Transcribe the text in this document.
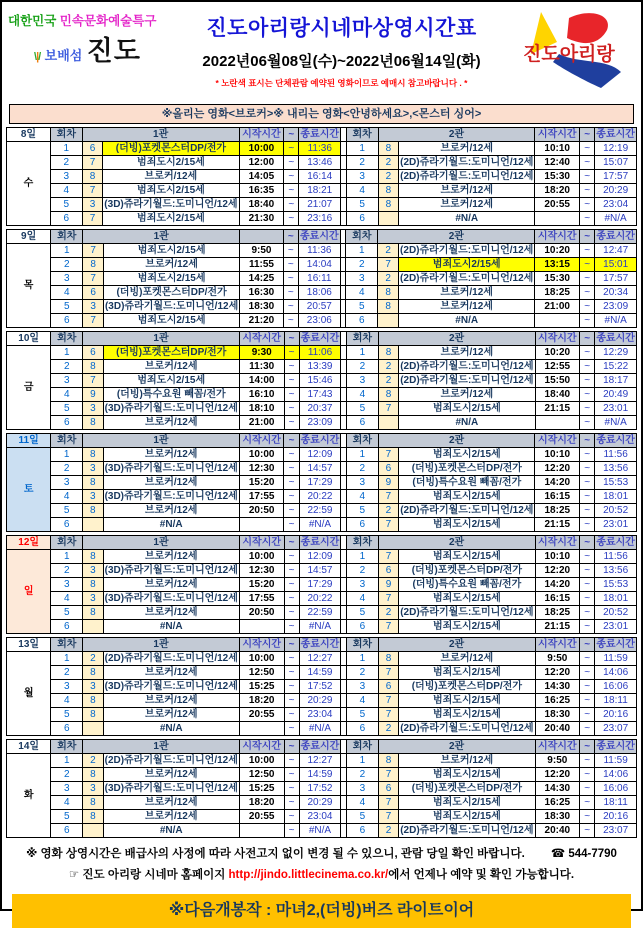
대한민국 민속문화예술특구
\|/ 보배섬 진도
진도아리랑시네마상영시간표
2022년06월08일(수)~2022년06월14일(화)
* 노란색 표시는 단체관람 예약된 영화이므로 예매시 참고바랍니다 . *
진도아리랑
※올리는 영화<브로커>※ 내리는 영화<안녕하세요>,<몬스터 싱어>
8일	회차	1관		시작시간	~	종료시간		회차	2관		시작시간	~	종료시간
수	1	6	(더빙)포켓몬스터DP/전가	10:00	~	11:36		1	8	브로커/12세	10:10	~	12:19
	2	7	범죄도시2/15세	12:00	~	13:46		2	2	(2D)쥬라기월드:도미니언/12세	12:40	~	15:07
	3	8	브로커/12세	14:05	~	16:14		3	2	(2D)쥬라기월드:도미니언/12세	15:30	~	17:57
	4	7	범죄도시2/15세	16:35	~	18:21		4	8	브로커/12세	18:20	~	20:29
	5	3	(3D)쥬라기월드:도미니언/12세	18:40	~	21:07		5	8	브로커/12세	20:55	~	23:04
	6	7	범죄도시2/15세	21:30	~	23:16		6		#N/A		~	#N/A
9일	회차	1관			~	종료시간		회차	2관		시작시간	~	종료시간
목	1	7	범죄도시2/15세	9:50	~	11:36		1	2	(2D)쥬라기월드:도미니언/12세	10:20	~	12:47
	2	8	브로커/12세	11:55	~	14:04		2	7	범죄도시2/15세	13:15	~	15:01
	3	7	범죄도시2/15세	14:25	~	16:11		3	2	(2D)쥬라기월드:도미니언/12세	15:30	~	17:57
	4	6	(더빙)포켓몬스터DP/전가	16:30	~	18:06		4	8	브로커/12세	18:25	~	20:34
	5	3	(3D)쥬라기월드:도미니언/12세	18:30	~	20:57		5	8	브로커/12세	21:00	~	23:09
	6	7	범죄도시2/15세	21:20	~	23:06		6		#N/A		~	#N/A
10일	회차	1관		시작시간	~	종료시간		회차	2관		시작시간	~	종료시간
금	1	6	(더빙)포켓몬스터DP/전가	9:30	~	11:06		1	8	브로커/12세	10:20	~	12:29
	2	8	브로커/12세	11:30	~	13:39		2	2	(2D)쥬라기월드:도미니언/12세	12:55	~	15:22
	3	7	범죄도시2/15세	14:00	~	15:46		3	2	(2D)쥬라기월드:도미니언/12세	15:50	~	18:17
	4	9	(더빙)특수요원 빼꼼/전가	16:10	~	17:43		4	8	브로커/12세	18:40	~	20:49
	5	3	(3D)쥬라기월드:도미니언/12세	18:10	~	20:37		5	7	범죄도시2/15세	21:15	~	23:01
	6	8	브로커/12세	21:00	~	23:09		6		#N/A		~	#N/A
11일	회차	1관		시작시간	~	종료시간		회차	2관		시작시간	~	종료시간
토	1	8	브로커/12세	10:00	~	12:09		1	7	범죄도시2/15세	10:10	~	11:56
	2	3	(3D)쥬라기월드:도미니언/12세	12:30	~	14:57		2	6	(더빙)포켓몬스터DP/전가	12:20	~	13:56
	3	8	브로커/12세	15:20	~	17:29		3	9	(더빙)특수요원 빼꼼/전가	14:20	~	15:53
	4	3	(3D)쥬라기월드:도미니언/12세	17:55	~	20:22		4	7	범죄도시2/15세	16:15	~	18:01
	5	8	브로커/12세	20:50	~	22:59		5	2	(2D)쥬라기월드:도미니언/12세	18:25	~	20:52
	6		#N/A		~	#N/A		6	7	범죄도시2/15세	21:15	~	23:01
12일	회차	1관		시작시간	~	종료시간		회차	2관		시작시간	~	종료시간
일	1	8	브로커/12세	10:00	~	12:09		1	7	범죄도시2/15세	10:10	~	11:56
	2	3	(3D)쥬라기월드:도미니언/12세	12:30	~	14:57		2	6	(더빙)포켓몬스터DP/전가	12:20	~	13:56
	3	8	브로커/12세	15:20	~	17:29		3	9	(더빙)특수요원 빼꼼/전가	14:20	~	15:53
	4	3	(3D)쥬라기월드:도미니언/12세	17:55	~	20:22		4	7	범죄도시2/15세	16:15	~	18:01
	5	8	브로커/12세	20:50	~	22:59		5	2	(2D)쥬라기월드:도미니언/12세	18:25	~	20:52
	6		#N/A		~	#N/A		6	7	범죄도시2/15세	21:15	~	23:01
13일	회차	1관		시작시간	~	종료시간		회차	2관		시작시간	~	종료시간
월	1	2	(2D)쥬라기월드:도미니언/12세	10:00	~	12:27		1	8	브로커/12세	9:50	~	11:59
	2	8	브로커/12세	12:50	~	14:59		2	7	범죄도시2/15세	12:20	~	14:06
	3	3	(3D)쥬라기월드:도미니언/12세	15:25	~	17:52		3	6	(더빙)포켓몬스터DP/전가	14:30	~	16:06
	4	8	브로커/12세	18:20	~	20:29		4	7	범죄도시2/15세	16:25	~	18:11
	5	8	브로커/12세	20:55	~	23:04		5	7	범죄도시2/15세	18:30	~	20:16
	6		#N/A		~	#N/A		6	2	(2D)쥬라기월드:도미니언/12세	20:40	~	23:07
14일	회차	1관		시작시간	~	종료시간		회차	2관		시작시간	~	종료시간
화	1	2	(2D)쥬라기월드:도미니언/12세	10:00	~	12:27		1	8	브로커/12세	9:50	~	11:59
	2	8	브로커/12세	12:50	~	14:59		2	7	범죄도시2/15세	12:20	~	14:06
	3	3	(3D)쥬라기월드:도미니언/12세	15:25	~	17:52		3	6	(더빙)포켓몬스터DP/전가	14:30	~	16:06
	4	8	브로커/12세	18:20	~	20:29		4	7	범죄도시2/15세	16:25	~	18:11
	5	8	브로커/12세	20:55	~	23:04		5	7	범죄도시2/15세	18:30	~	20:16
	6		#N/A		~	#N/A		6	2	(2D)쥬라기월드:도미니언/12세	20:40	~	23:07
※ 영화 상영시간은 배급사의 사정에 따라 사전고지 없이 변경 될 수 있으니, 관람 당일 확인 바랍니다. ☎ 544-7790
☞ 진도 아리랑 시네마 홈페이지 http://jindo.littlecinema.co.kr/에서 언제나 예약 및 확인 가능합니다.
※다음개봉작 : 마녀2,(더빙)버즈 라이트이어
